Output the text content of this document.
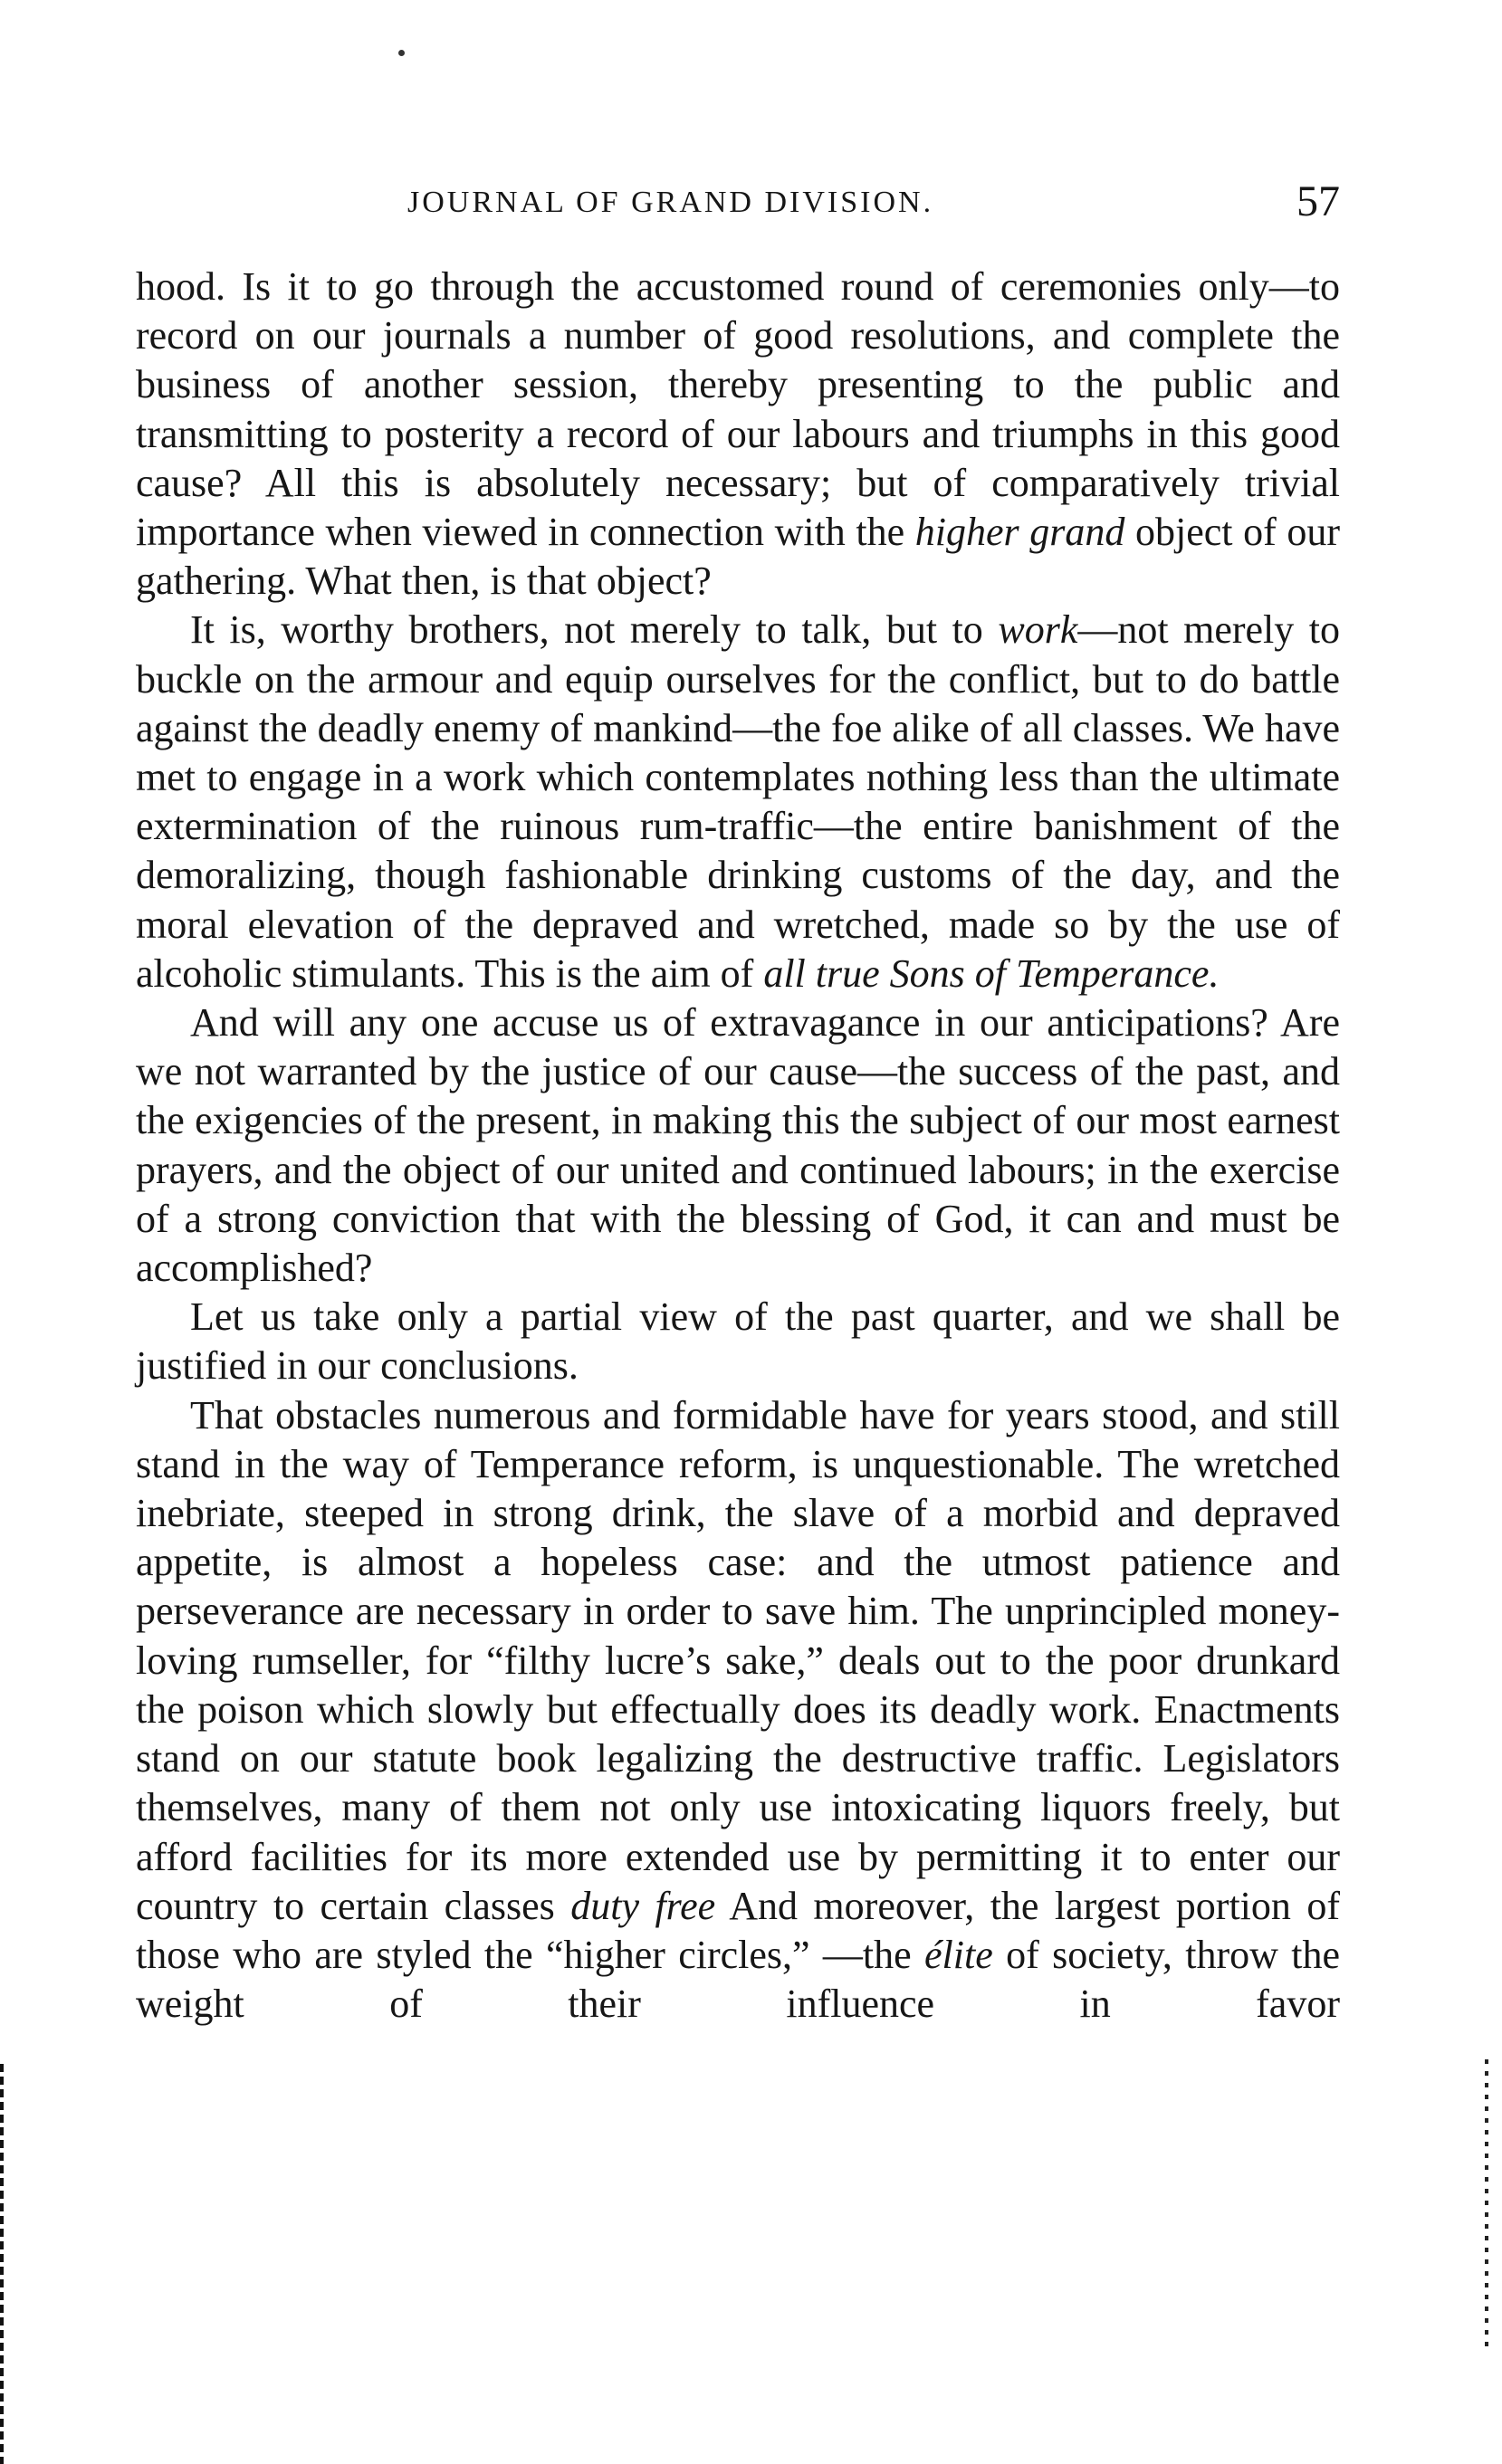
JOURNAL OF GRAND DIVISION.	57

hood. Is it to go through the accustomed round of ceremonies only—to record on our journals a number of good resolutions, and complete the business of another session, thereby presenting to the public and transmitting to posterity a record of our labours and triumphs in this good cause? All this is absolutely necessary; but of comparatively trivial importance when viewed in connection with the higher grand object of our gathering. What then, is that object?

It is, worthy brothers, not merely to talk, but to work—not merely to buckle on the armour and equip ourselves for the conflict, but to do battle against the deadly enemy of mankind—the foe alike of all classes. We have met to engage in a work which contemplates nothing less than the ultimate extermination of the ruinous rum-traffic—the entire banishment of the demoralizing, though fashionable drinking customs of the day, and the moral elevation of the depraved and wretched, made so by the use of alcoholic stimulants. This is the aim of all true Sons of Temperance.

And will any one accuse us of extravagance in our anticipations? Are we not warranted by the justice of our cause—the success of the past, and the exigencies of the present, in making this the subject of our most earnest prayers, and the object of our united and continued labours; in the exercise of a strong conviction that with the blessing of God, it can and must be accomplished?

Let us take only a partial view of the past quarter, and we shall be justified in our conclusions.

That obstacles numerous and formidable have for years stood, and still stand in the way of Temperance reform, is unquestionable. The wretched inebriate, steeped in strong drink, the slave of a morbid and depraved appetite, is almost a hopeless case: and the utmost patience and perseverance are necessary in order to save him. The unprincipled money-loving rumseller, for “filthy lucre’s sake,” deals out to the poor drunkard the poison which slowly but effectually does its deadly work. Enactments stand on our statute book legalizing the destructive traffic. Legislators themselves, many of them not only use intoxicating liquors freely, but afford facilities for its more extended use by permitting it to enter our country to certain classes duty free And moreover, the largest portion of those who are styled the “higher circles,” —the élite of society, throw the weight of their influence in favor
